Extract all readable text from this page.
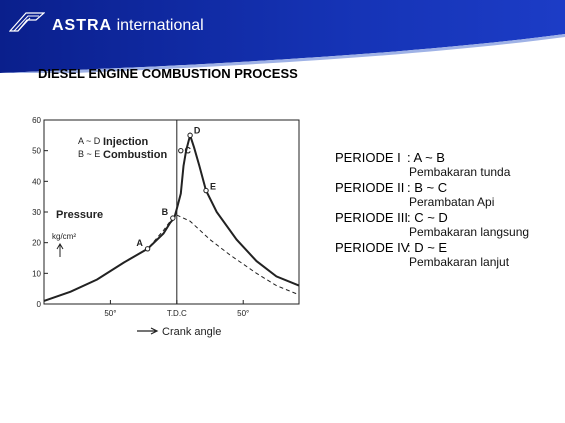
ASTRA international
DIESEL ENGINE COMBUSTION PROCESS
0
10
20
30
40
50
60
50°	T.D.C	50°
A
B
C
D
E
A ~ D Injection
B ~ E Combustion
Pressure
kg/cm²
Crank angle
PERIODE I : A ~ B
Pembakaran tunda
PERIODE II : B ~ C
Perambatan Api
PERIODE III: C ~ D
Pembakaran langsung
PERIODE IV: D ~ E
Pembakaran lanjut
